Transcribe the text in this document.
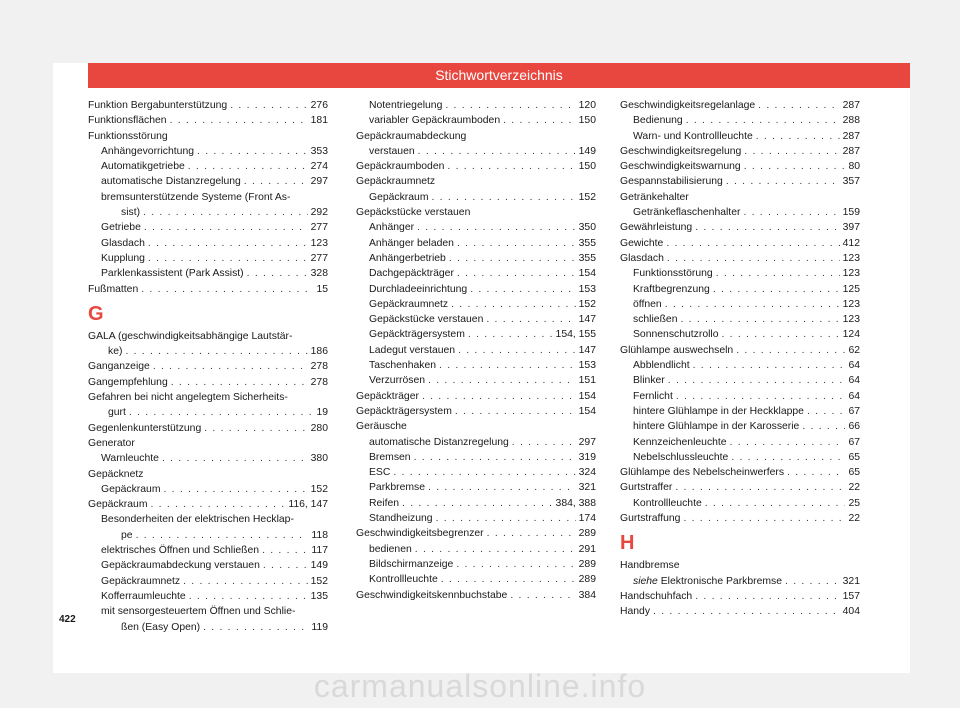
Stichwortverzeichnis
Funktion Bergabunterstützung . . .	276
Funktionsflächen . . .	181
Funktionsstörung
Anhängevorrichtung . . .	353
Automatikgetriebe . . .	274
automatische Distanzregelung . . .	297
bremsunterstützende Systeme (Front As-
sist) . . .	292
Getriebe . . .	277
Glasdach . . .	123
Kupplung . . .	277
Parklenkassistent (Park Assist) . . .	328
Fußmatten . . .	15
G
GALA (geschwindigkeitsabhängige Lautstär-
ke) . . .	186
Ganganzeige . . .	278
Gangempfehlung . . .	278
Gefahren bei nicht angelegtem Sicherheits-
gurt . . .	19
Gegenlenkunterstützung . . .	280
Generator
Warnleuchte . . .	380
Gepäcknetz
Gepäckraum . . .	152
Gepäckraum . . .	116, 147
Besonderheiten der elektrischen Hecklap-
pe . . .	118
elektrisches Öffnen und Schließen . . .	117
Gepäckraumabdeckung verstauen . . .	149
Gepäckraumnetz . . .	152
Kofferraumleuchte . . .	135
mit sensorgesteuertem Öffnen und Schlie-
ßen (Easy Open) . . .	119
Notentriegelung . . .	120
variabler Gepäckraumboden . . .	150
Gepäckraumabdeckung
verstauen . . .	149
Gepäckraumboden . . .	150
Gepäckraumnetz
Gepäckraum . . .	152
Gepäckstücke verstauen
Anhänger . . .	350
Anhänger beladen . . .	355
Anhängerbetrieb . . .	355
Dachgepäckträger . . .	154
Durchladeeinrichtung . . .	153
Gepäckraumnetz . . .	152
Gepäckstücke verstauen . . .	147
Gepäckträgersystem . . .	154, 155
Ladegut verstauen . . .	147
Taschenhaken . . .	153
Verzurrösen . . .	151
Gepäckträger . . .	154
Gepäckträgersystem . . .	154
Geräusche
automatische Distanzregelung . . .	297
Bremsen . . .	319
ESC . . .	324
Parkbremse . . .	321
Reifen . . .	384, 388
Standheizung . . .	174
Geschwindigkeitsbegrenzer . . .	289
bedienen . . .	291
Bildschirmanzeige . . .	289
Kontrollleuchte . . .	289
Geschwindigkeitskennbuchstabe . . .	384
Geschwindigkeitsregelanlage . . .	287
Bedienung . . .	288
Warn- und Kontrollleuchte . . .	287
Geschwindigkeitsregelung . . .	287
Geschwindigkeitswarnung . . .	80
Gespannstabilisierung . . .	357
Getränkehalter
Getränkeflaschenhalter . . .	159
Gewährleistung . . .	397
Gewichte . . .	412
Glasdach . . .	123
Funktionsstörung . . .	123
Kraftbegrenzung . . .	125
öffnen . . .	123
schließen . . .	123
Sonnenschutzrollo . . .	124
Glühlampe auswechseln . . .	62
Abblendlicht . . .	64
Blinker . . .	64
Fernlicht . . .	64
hintere Glühlampe in der Heckklappe . . .	67
hintere Glühlampe in der Karosserie . . .	66
Kennzeichenleuchte . . .	67
Nebelschlussleuchte . . .	65
Glühlampe des Nebelscheinwerfers . . .	65
Gurtstraffer . . .	22
Kontrollleuchte . . .	25
Gurtstraffung . . .	22
H
Handbremse
siehe
Elektronische Parkbremse . . .	321
Handschuhfach . . .	157
Handy . . .	404
422
carmanualsonline.info
